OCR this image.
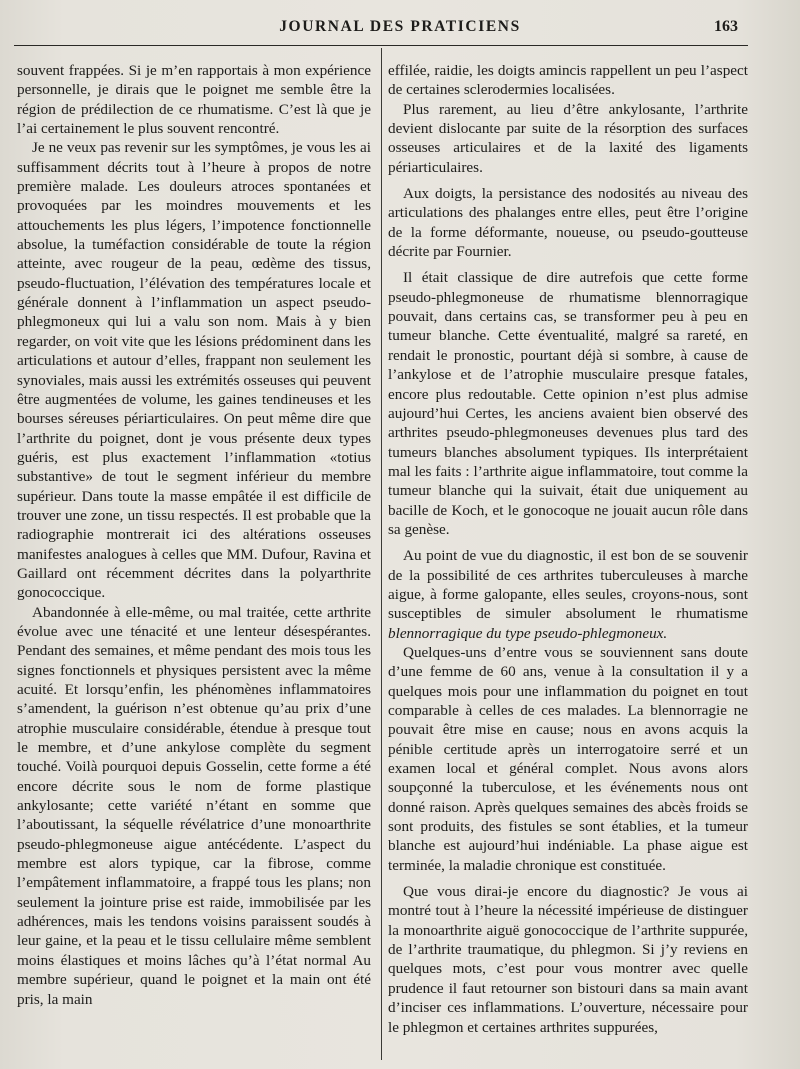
JOURNAL DES PRATICIENS	163

souvent frappées. Si je m’en rapportais à mon expérience personnelle, je dirais que le poignet me semble être la région de prédilection de ce rhumatisme. C’est là que je l’ai certainement le plus souvent rencontré.

Je ne veux pas revenir sur les symptômes, je vous les ai suffisamment décrits tout à l’heure à propos de notre première malade. Les douleurs atroces spontanées et provoquées par les moindres mouvements et les attouchements les plus légers, l’impotence fonctionnelle absolue, la tuméfaction considérable de toute la région atteinte, avec rougeur de la peau, œdème des tissus, pseudo-fluctuation, l’élévation des températures locale et générale donnent à l’inflammation un aspect pseudo-phlegmoneux qui lui a valu son nom. Mais à y bien regarder, on voit vite que les lésions prédominent dans les articulations et autour d’elles, frappant non seulement les synoviales, mais aussi les extrémités osseuses qui peuvent être augmentées de volume, les gaines tendineuses et les bourses séreuses périarticulaires. On peut même dire que l’arthrite du poignet, dont je vous présente deux types guéris, est plus exactement l’inflammation «totius substantive» de tout le segment inférieur du membre supérieur. Dans toute la masse empâtée il est difficile de trouver une zone, un tissu respectés. Il est probable que la radiographie montrerait ici des altérations osseuses manifestes analogues à celles que MM. Dufour, Ravina et Gaillard ont récemment décrites dans la polyarthrite gonococcique.

Abandonnée à elle-même, ou mal traitée, cette arthrite évolue avec une ténacité et une lenteur désespérantes. Pendant des semaines, et même pendant des mois tous les signes fonctionnels et physiques persistent avec la même acuité. Et lorsqu’enfin, les phénomènes inflammatoires s’amendent, la guérison n’est obtenue qu’au prix d’une atrophie musculaire considérable, étendue à presque tout le membre, et d’une ankylose complète du segment touché. Voilà pourquoi depuis Gosselin, cette forme a été encore décrite sous le nom de forme plastique ankylosante; cette variété n’étant en somme que l’aboutissant, la séquelle révélatrice d’une monoarthrite pseudo-phlegmoneuse aigue antécédente. L’aspect du membre est alors typique, car la fibrose, comme l’empâtement inflammatoire, a frappé tous les plans; non seulement la jointure prise est raide, immobilisée par les adhérences, mais les tendons voisins paraissent soudés à leur gaine, et la peau et le tissu cellulaire même semblent moins élastiques et moins lâches qu’à l’état normal Au membre supérieur, quand le poignet et la main ont été pris, la main

effilée, raidie, les doigts amincis rappellent un peu l’aspect de certaines sclerodermies localisées.

Plus rarement, au lieu d’être ankylosante, l’arthrite devient dislocante par suite de la résorption des surfaces osseuses articulaires et de la laxité des ligaments périarticulaires.

Aux doigts, la persistance des nodosités au niveau des articulations des phalanges entre elles, peut être l’origine de la forme déformante, noueuse, ou pseudo-goutteuse décrite par Fournier.

Il était classique de dire autrefois que cette forme pseudo-phlegmoneuse de rhumatisme blennorragique pouvait, dans certains cas, se transformer peu à peu en tumeur blanche. Cette éventualité, malgré sa rareté, en rendait le pronostic, pourtant déjà si sombre, à cause de l’ankylose et de l’atrophie musculaire presque fatales, encore plus redoutable. Cette opinion n’est plus admise aujourd’hui Certes, les anciens avaient bien observé des arthrites pseudo-phlegmoneuses devenues plus tard des tumeurs blanches absolument typiques. Ils interprétaient mal les faits : l’arthrite aigue inflammatoire, tout comme la tumeur blanche qui la suivait, était due uniquement au bacille de Koch, et le gonocoque ne jouait aucun rôle dans sa genèse.

Au point de vue du diagnostic, il est bon de se souvenir de la possibilité de ces arthrites tuberculeuses à marche aigue, à forme galopante, elles seules, croyons-nous, sont susceptibles de simuler absolument le rhumatisme blennorragique du type pseudo-phlegmoneux.

Quelques-uns d’entre vous se souviennent sans doute d’une femme de 60 ans, venue à la consultation il y a quelques mois pour une inflammation du poignet en tout comparable à celles de ces malades. La blennorragie ne pouvait être mise en cause; nous en avons acquis la pénible certitude après un interrogatoire serré et un examen local et général complet. Nous avons alors soupçonné la tuberculose, et les événements nous ont donné raison. Après quelques semaines des abcès froids se sont produits, des fistules se sont établies, et la tumeur blanche est aujourd’hui indéniable. La phase aigue est terminée, la maladie chronique est constituée.

Que vous dirai-je encore du diagnostic? Je vous ai montré tout à l’heure la nécessité impérieuse de distinguer la monoarthrite aiguë gonococcique de l’arthrite suppurée, de l’arthrite traumatique, du phlegmon. Si j’y reviens en quelques mots, c’est pour vous montrer avec quelle prudence il faut retourner son bistouri dans sa main avant d’inciser ces inflammations. L’ouverture, nécessaire pour le phlegmon et certaines arthrites suppurées,
